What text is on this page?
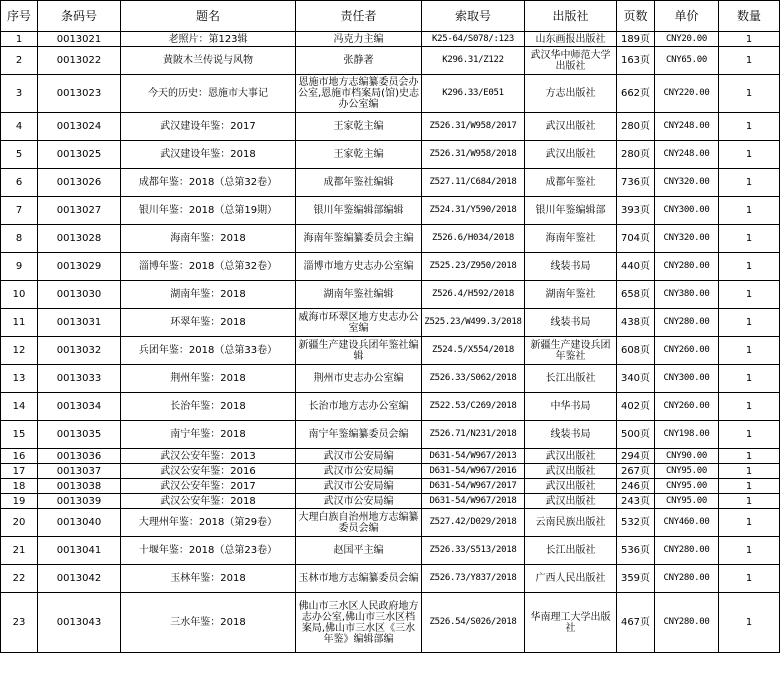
序号	条码号	题名	责任者	索取号	出版社	页数	单价	数量
1	0013021	老照片：第123辑	冯克力主编	K25-64/S078/:123	山东画报出版社	189页	CNY20.00	1
2	0013022	黄陂木兰传说与风物	张静著	K296.31/Z122	武汉华中师范大学出版社	163页	CNY65.00	1
3	0013023	今天的历史：恩施市大事记	恩施市地方志编纂委员会办公室,恩施市档案局(馆)史志办公室编	K296.33/E051	方志出版社	662页	CNY220.00	1
4	0013024	武汉建设年鉴：2017	王家乾主编	Z526.31/W958/2017	武汉出版社	280页	CNY248.00	1
5	0013025	武汉建设年鉴：2018	王家乾主编	Z526.31/W958/2018	武汉出版社	280页	CNY248.00	1
6	0013026	成都年鉴：2018（总第32卷）	成都年鉴社编辑	Z527.11/C684/2018	成都年鉴社	736页	CNY320.00	1
7	0013027	银川年鉴：2018（总第19期）	银川年鉴编辑部编辑	Z524.31/Y590/2018	银川年鉴编辑部	393页	CNY300.00	1
8	0013028	海南年鉴：2018	海南年鉴编纂委员会主编	Z526.6/H034/2018	海南年鉴社	704页	CNY320.00	1
9	0013029	淄博年鉴：2018（总第32卷）	淄博市地方史志办公室编	Z525.23/Z950/2018	线装书局	440页	CNY280.00	1
10	0013030	湖南年鉴：2018	湖南年鉴社编辑	Z526.4/H592/2018	湖南年鉴社	658页	CNY380.00	1
11	0013031	环翠年鉴：2018	威海市环翠区地方史志办公室编	Z525.23/W499.3/2018	线装书局	438页	CNY280.00	1
12	0013032	兵团年鉴：2018（总第33卷）	新疆生产建设兵团年鉴社编辑	Z524.5/X554/2018	新疆生产建设兵团年鉴社	608页	CNY260.00	1
13	0013033	荆州年鉴：2018	荆州市史志办公室编	Z526.33/S062/2018	长江出版社	340页	CNY300.00	1
14	0013034	长治年鉴：2018	长治市地方志办公室编	Z522.53/C269/2018	中华书局	402页	CNY260.00	1
15	0013035	南宁年鉴：2018	南宁年鉴编纂委员会编	Z526.71/N231/2018	线装书局	500页	CNY198.00	1
16	0013036	武汉公安年鉴：2013	武汉市公安局编	D631-54/W967/2013	武汉出版社	294页	CNY90.00	1
17	0013037	武汉公安年鉴：2016	武汉市公安局编	D631-54/W967/2016	武汉出版社	267页	CNY95.00	1
18	0013038	武汉公安年鉴：2017	武汉市公安局编	D631-54/W967/2017	武汉出版社	246页	CNY95.00	1
19	0013039	武汉公安年鉴：2018	武汉市公安局编	D631-54/W967/2018	武汉出版社	243页	CNY95.00	1
20	0013040	大理州年鉴：2018（第29卷）	大理白族自治州地方志编纂委员会编	Z527.42/D029/2018	云南民族出版社	532页	CNY460.00	1
21	0013041	十堰年鉴：2018（总第23卷）	赵国平主编	Z526.33/S513/2018	长江出版社	536页	CNY280.00	1
22	0013042	玉林年鉴：2018	玉林市地方志编纂委员会编	Z526.73/Y837/2018	广西人民出版社	359页	CNY280.00	1
23	0013043	三水年鉴：2018	佛山市三水区人民政府地方志办公室,佛山市三水区档案局,佛山市三水区《三水年鉴》编辑部编	Z526.54/S026/2018	华南理工大学出版社	467页	CNY280.00	1
